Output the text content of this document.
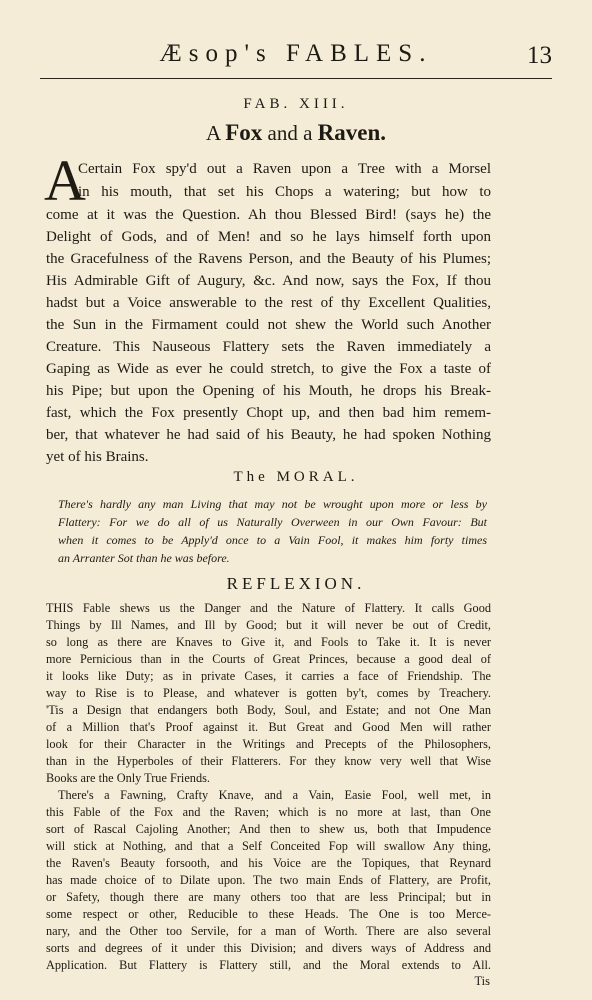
Æsop's FABLES.	13
FAB. XIII.
A Fox and a Raven.
A

Certain Fox spy'd out a Raven upon a Tree with a Morsel

in his mouth, that set his Chops a watering; but how to

come at it was the Question. Ah thou Blessed Bird! (says he) the

Delight of Gods, and of Men! and so he lays himself forth upon

the Gracefulness of the Ravens Person, and the Beauty of his Plumes;

His Admirable Gift of Augury, &c. And now, says the Fox, If thou

hadst but a Voice answerable to the rest of thy Excellent Qualities,

the Sun in the Firmament could not shew the World such Another

Creature. This Nauseous Flattery sets the Raven immediately a

Gaping as Wide as ever he could stretch, to give the Fox a taste of

his Pipe; but upon the Opening of his Mouth, he drops his Break-

fast, which the Fox presently Chopt up, and then bad him remem-

ber, that whatever he had said of his Beauty, he had spoken Nothing

yet of his Brains.

The MORAL.

There's hardly any man Living that may not be wrought upon more or less by

Flattery: For we do all of us Naturally Overween in our Own Favour: But

when it comes to be Apply'd once to a Vain Fool, it makes him forty times

an Arranter Sot than he was before.

REFLEXION.

THIS Fable shews us the Danger and the Nature of Flattery. It calls Good

Things by Ill Names, and Ill by Good; but it will never be out of Credit,

so long as there are Knaves to Give it, and Fools to Take it. It is never

more Pernicious than in the Courts of Great Princes, because a good deal of

it looks like Duty; as in private Cases, it carries a face of Friendship. The

way to Rise is to Please, and whatever is gotten by't, comes by Treachery.

'Tis a Design that endangers both Body, Soul, and Estate; and not One Man

of a Million that's Proof against it. But Great and Good Men will rather

look for their Character in the Writings and Precepts of the Philosophers,

than in the Hyperboles of their Flatterers. For they know very well that Wise

Books are the Only True Friends.

There's a Fawning, Crafty Knave, and a Vain, Easie Fool, well met, in

this Fable of the Fox and the Raven; which is no more at last, than One

sort of Rascal Cajoling Another; And then to shew us, both that Impudence

will stick at Nothing, and that a Self Conceited Fop will swallow Any thing,

the Raven's Beauty forsooth, and his Voice are the Topiques, that Reynard

has made choice of to Dilate upon. The two main Ends of Flattery, are Profit,

or Safety, though there are many others too that are less Principal; but in

some respect or other, Reducible to these Heads. The One is too Merce-

nary, and the Other too Servile, for a man of Worth. There are also several

sorts and degrees of it under this Division; and divers ways of Address and

Application. But Flattery is Flattery still, and the Moral extends to All.

Tis
